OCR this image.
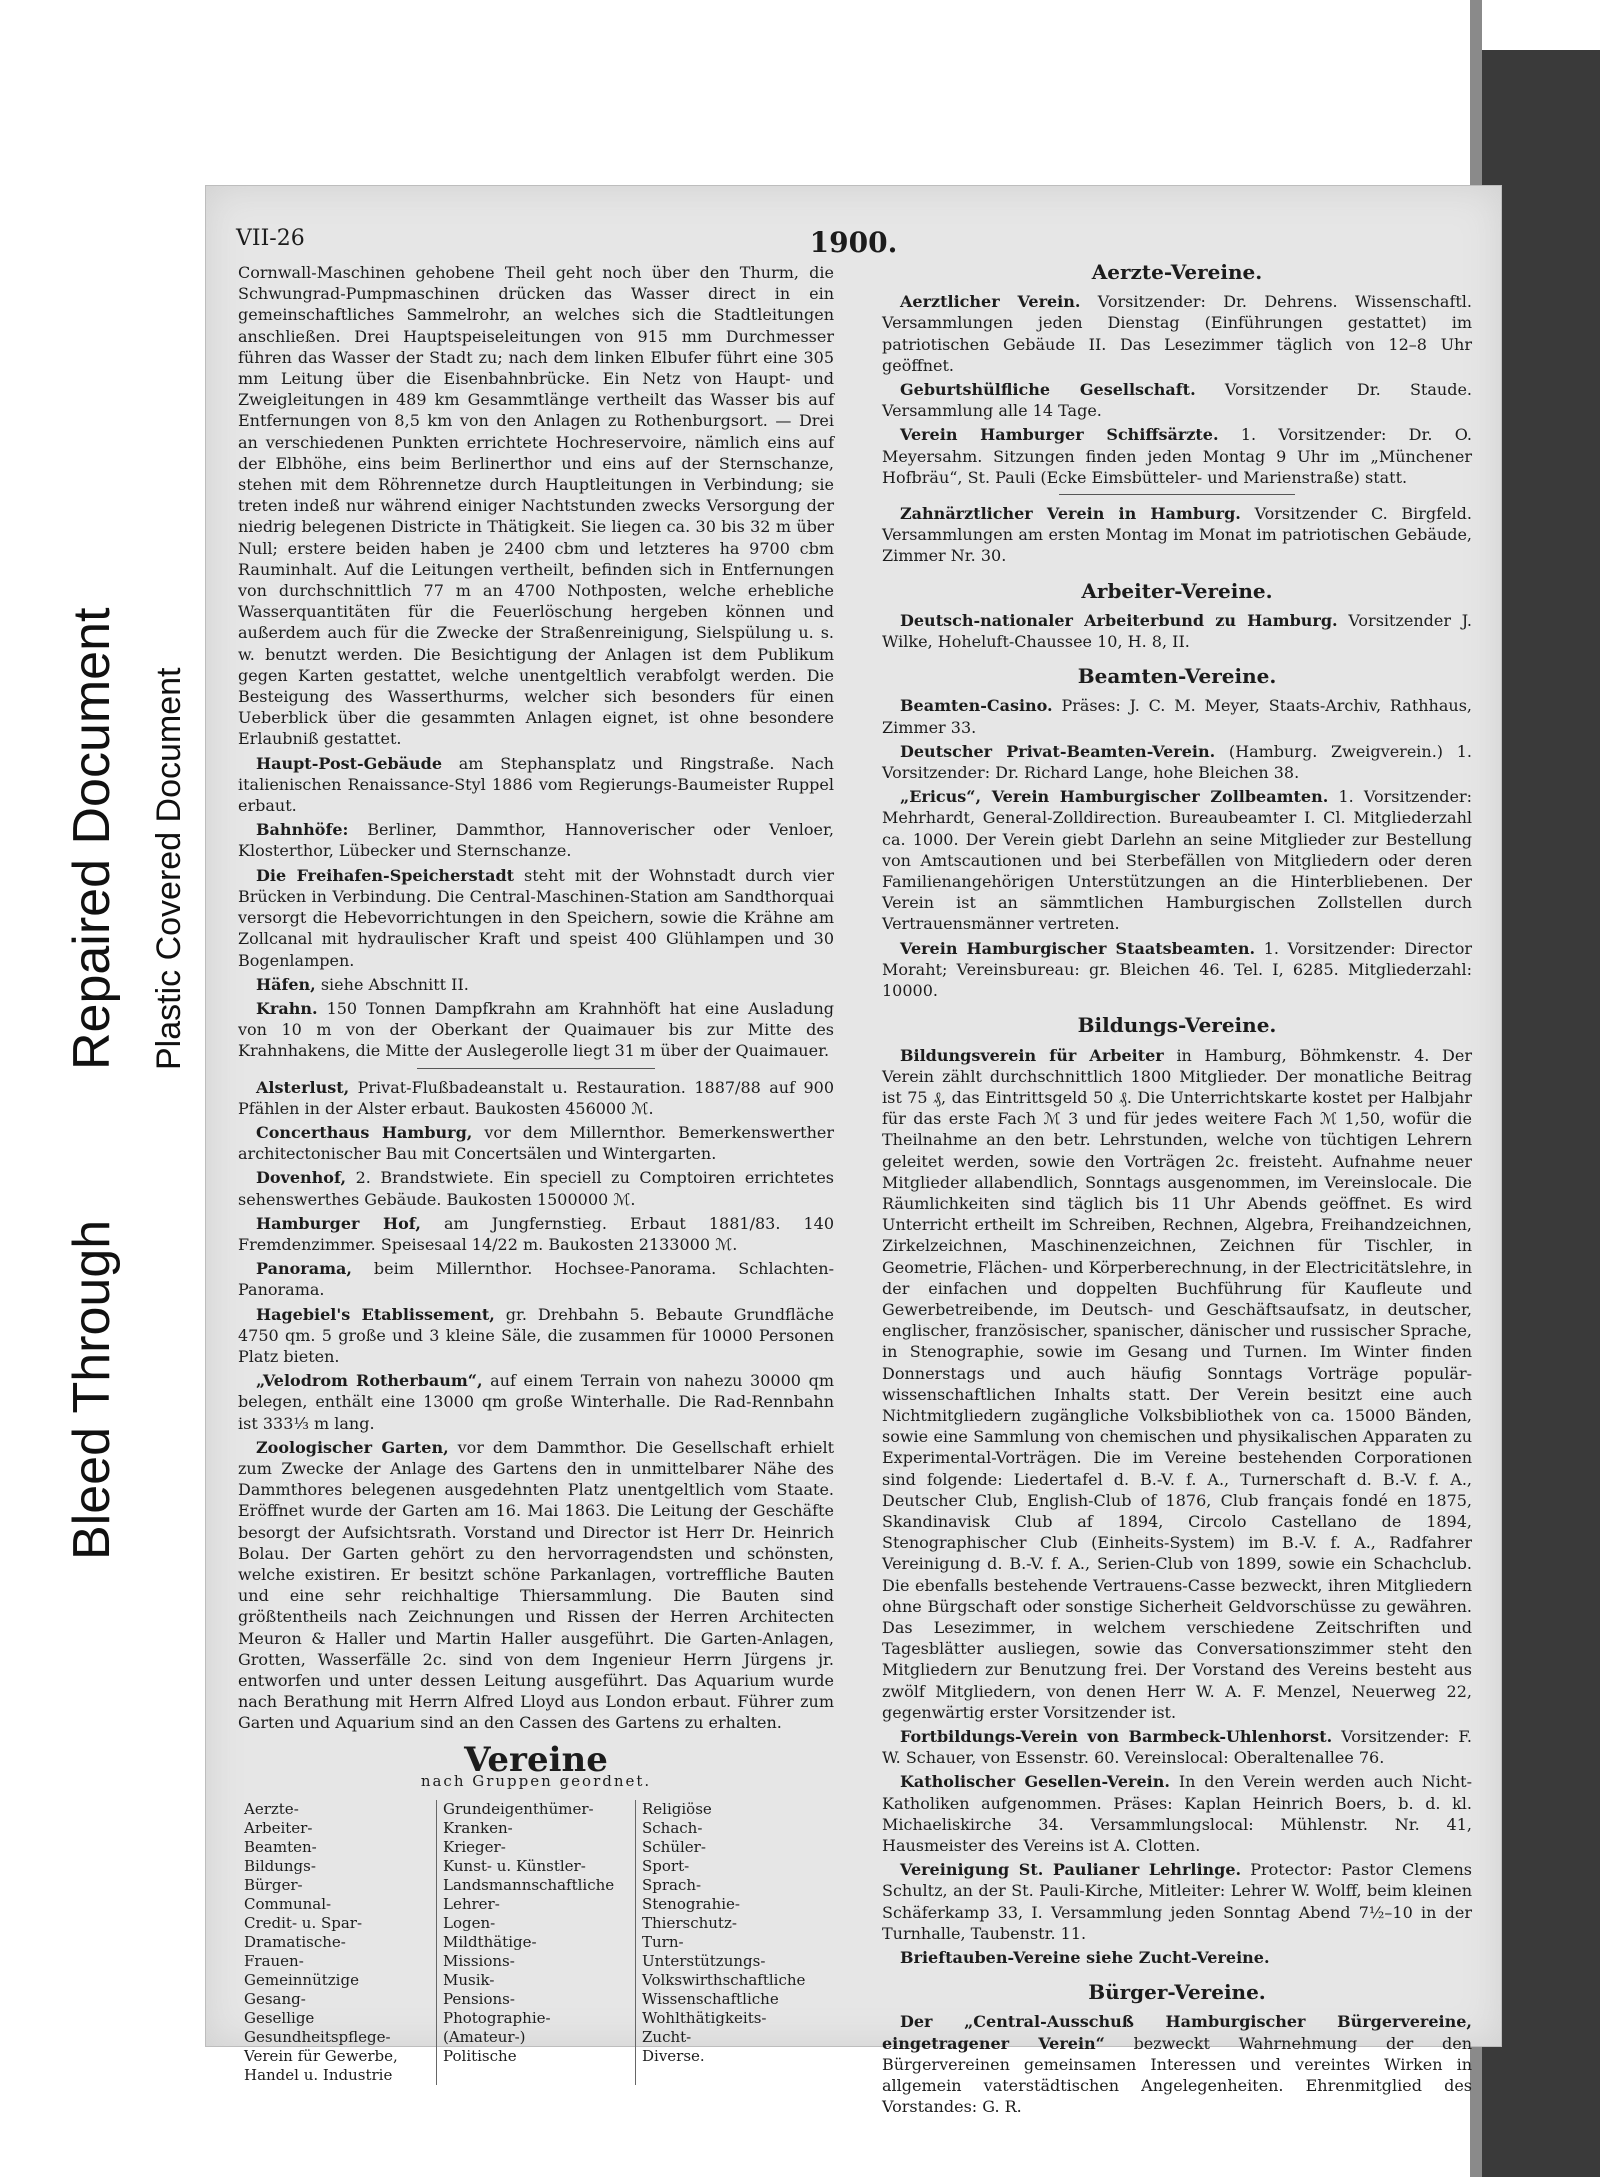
Bleed Through
Repaired Document Plastic Covered Document
VII-26	1900.

Cornwall-Maschinen gehobene Theil geht noch über den Thurm, die Schwungrad-Pumpmaschinen drücken das Wasser direct in ein gemeinschaftliches Sammelrohr, an welches sich die Stadtleitungen anschließen. Drei Hauptspeiseleitungen von 915 mm Durchmesser führen das Wasser der Stadt zu; nach dem linken Elbufer führt eine 305 mm Leitung über die Eisenbahnbrücke. Ein Netz von Haupt- und Zweigleitungen in 489 km Gesammtlänge vertheilt das Wasser bis auf Entfernungen von 8,5 km von den Anlagen zu Rothenburgsort. — Drei an verschiedenen Punkten errichtete Hochreservoire, nämlich eins auf der Elbhöhe, eins beim Berlinerthor und eins auf der Sternschanze, stehen mit dem Röhrennetze durch Hauptleitungen in Verbindung; sie treten indeß nur während einiger Nachtstunden zwecks Versorgung der niedrig belegenen Districte in Thätigkeit. Sie liegen ca. 30 bis 32 m über Null; erstere beiden haben je 2400 cbm und letzteres ha 9700 cbm Rauminhalt. Auf die Leitungen vertheilt, befinden sich in Entfernungen von durchschnittlich 77 m an 4700 Nothposten, welche erhebliche Wasserquantitäten für die Feuerlöschung hergeben können und außerdem auch für die Zwecke der Straßenreinigung, Sielspülung u. s. w. benutzt werden. Die Besichtigung der Anlagen ist dem Publikum gegen Karten gestattet, welche unentgeltlich verabfolgt werden. Die Besteigung des Wasserthurms, welcher sich besonders für einen Ueberblick über die gesammten Anlagen eignet, ist ohne besondere Erlaubniß gestattet.

Haupt-Post-Gebäude am Stephansplatz und Ringstraße. Nach italienischen Renaissance-Styl 1886 vom Regierungs-Baumeister Ruppel erbaut.

Bahnhöfe: Berliner, Dammthor, Hannoverischer oder Venloer, Klosterthor, Lübecker und Sternschanze.

Die Freihafen-Speicherstadt steht mit der Wohnstadt durch vier Brücken in Verbindung. Die Central-Maschinen-Station am Sandthorquai versorgt die Hebevorrichtungen in den Speichern, sowie die Krähne am Zollcanal mit hydraulischer Kraft und speist 400 Glühlampen und 30 Bogenlampen.

Häfen, siehe Abschnitt II.

Krahn. 150 Tonnen Dampfkrahn am Krahnhöft hat eine Ausladung von 10 m von der Oberkant der Quaimauer bis zur Mitte des Krahnhakens, die Mitte der Auslegerolle liegt 31 m über der Quaimauer.

Alsterlust, Privat-Flußbadeanstalt u. Restauration. 1887/88 auf 900 Pfählen in der Alster erbaut. Baukosten 456000 ℳ.

Concerthaus Hamburg, vor dem Millernthor. Bemerkenswerther architectonischer Bau mit Concertsälen und Wintergarten.

Dovenhof, 2. Brandstwiete. Ein speciell zu Comptoiren errichtetes sehenswerthes Gebäude. Baukosten 1500000 ℳ.

Hamburger Hof, am Jungfernstieg. Erbaut 1881/83. 140 Fremdenzimmer. Speisesaal 14/22 m. Baukosten 2133000 ℳ.

Panorama, beim Millernthor. Hochsee-Panorama. Schlachten-Panorama.

Hagebiel's Etablissement, gr. Drehbahn 5. Bebaute Grundfläche 4750 qm. 5 große und 3 kleine Säle, die zusammen für 10000 Personen Platz bieten.

„Velodrom Rotherbaum“, auf einem Terrain von nahezu 30000 qm belegen, enthält eine 13000 qm große Winterhalle. Die Rad-Rennbahn ist 333⅓ m lang.

Zoologischer Garten, vor dem Dammthor. Die Gesellschaft erhielt zum Zwecke der Anlage des Gartens den in unmittelbarer Nähe des Dammthores belegenen ausgedehnten Platz unentgeltlich vom Staate. Eröffnet wurde der Garten am 16. Mai 1863. Die Leitung der Geschäfte besorgt der Aufsichtsrath. Vorstand und Director ist Herr Dr. Heinrich Bolau. Der Garten gehört zu den hervorragendsten und schönsten, welche existiren. Er besitzt schöne Parkanlagen, vortreffliche Bauten und eine sehr reichhaltige Thiersammlung. Die Bauten sind größtentheils nach Zeichnungen und Rissen der Herren Architecten Meuron & Haller und Martin Haller ausgeführt. Die Garten-Anlagen, Grotten, Wasserfälle 2c. sind von dem Ingenieur Herrn Jürgens jr. entworfen und unter dessen Leitung ausgeführt. Das Aquarium wurde nach Berathung mit Herrn Alfred Lloyd aus London erbaut. Führer zum Garten und Aquarium sind an den Cassen des Gartens zu erhalten.

Vereine
nach Gruppen geordnet.
Aerzte-
Arbeiter-
Beamten-
Bildungs-
Bürger-
Communal-
Credit- u. Spar-
Dramatische-
Frauen-
Gemeinnützige
Gesang-
Gesellige
Gesundheitspflege-
Verein für Gewerbe,
Handel u. Industrie
Grundeigenthümer-
Kranken-
Krieger-
Kunst- u. Künstler-
Landsmannschaftliche
Lehrer-
Logen-
Mildthätige-
Missions-
Musik-
Pensions-
Photographie-
(Amateur-)
Politische
Religiöse
Schach-
Schüler-
Sport-
Sprach-
Stenograhie-
Thierschutz-
Turn-
Unterstützungs-
Volkswirthschaftliche
Wissenschaftliche
Wohlthätigkeits-
Zucht-
Diverse.
Aerzte-Vereine.

Aerztlicher Verein. Vorsitzender: Dr. Dehrens. Wissenschaftl. Versammlungen jeden Dienstag (Einführungen gestattet) im patriotischen Gebäude II. Das Lesezimmer täglich von 12–8 Uhr geöffnet.

Geburtshülfliche Gesellschaft. Vorsitzender Dr. Staude. Versammlung alle 14 Tage.

Verein Hamburger Schiffsärzte. 1. Vorsitzender: Dr. O. Meyersahm. Sitzungen finden jeden Montag 9 Uhr im „Münchener Hofbräu“, St. Pauli (Ecke Eimsbütteler- und Marienstraße) statt.

Zahnärztlicher Verein in Hamburg. Vorsitzender C. Birgfeld. Versammlungen am ersten Montag im Monat im patriotischen Gebäude, Zimmer Nr. 30.

Arbeiter-Vereine.

Deutsch-nationaler Arbeiterbund zu Hamburg. Vorsitzender J. Wilke, Hoheluft-Chaussee 10, H. 8, II.

Beamten-Vereine.

Beamten-Casino. Präses: J. C. M. Meyer, Staats-Archiv, Rathhaus, Zimmer 33.

Deutscher Privat-Beamten-Verein. (Hamburg. Zweigverein.) 1. Vorsitzender: Dr. Richard Lange, hohe Bleichen 38.

„Ericus“, Verein Hamburgischer Zollbeamten. 1. Vorsitzender: Mehrhardt, General-Zolldirection. Bureaubeamter I. Cl. Mitgliederzahl ca. 1000. Der Verein giebt Darlehn an seine Mitglieder zur Bestellung von Amtscautionen und bei Sterbefällen von Mitgliedern oder deren Familienangehörigen Unterstützungen an die Hinterbliebenen. Der Verein ist an sämmtlichen Hamburgischen Zollstellen durch Vertrauensmänner vertreten.

Verein Hamburgischer Staatsbeamten. 1. Vorsitzender: Director Moraht; Vereinsbureau: gr. Bleichen 46. Tel. I, 6285. Mitgliederzahl: 10000.

Bildungs-Vereine.

Bildungsverein für Arbeiter in Hamburg, Böhmkenstr. 4. Der Verein zählt durchschnittlich 1800 Mitglieder. Der monatliche Beitrag ist 75 ₰, das Eintrittsgeld 50 ₰. Die Unterrichtskarte kostet per Halbjahr für das erste Fach ℳ 3 und für jedes weitere Fach ℳ 1,50, wofür die Theilnahme an den betr. Lehrstunden, welche von tüchtigen Lehrern geleitet werden, sowie den Vorträgen 2c. freisteht. Aufnahme neuer Mitglieder allabendlich, Sonntags ausgenommen, im Vereinslocale. Die Räumlichkeiten sind täglich bis 11 Uhr Abends geöffnet. Es wird Unterricht ertheilt im Schreiben, Rechnen, Algebra, Freihandzeichnen, Zirkelzeichnen, Maschinenzeichnen, Zeichnen für Tischler, in Geometrie, Flächen- und Körperberechnung, in der Electricitätslehre, in der einfachen und doppelten Buchführung für Kaufleute und Gewerbetreibende, im Deutsch- und Geschäftsaufsatz, in deutscher, englischer, französischer, spanischer, dänischer und russischer Sprache, in Stenographie, sowie im Gesang und Turnen. Im Winter finden Donnerstags und auch häufig Sonntags Vorträge populär-wissenschaftlichen Inhalts statt. Der Verein besitzt eine auch Nichtmitgliedern zugängliche Volksbibliothek von ca. 15000 Bänden, sowie eine Sammlung von chemischen und physikalischen Apparaten zu Experimental-Vorträgen. Die im Vereine bestehenden Corporationen sind folgende: Liedertafel d. B.-V. f. A., Turnerschaft d. B.-V. f. A., Deutscher Club, English-Club of 1876, Club français fondé en 1875, Skandinavisk Club af 1894, Circolo Castellano de 1894, Stenographischer Club (Einheits-System) im B.-V. f. A., Radfahrer Vereinigung d. B.-V. f. A., Serien-Club von 1899, sowie ein Schachclub. Die ebenfalls bestehende Vertrauens-Casse bezweckt, ihren Mitgliedern ohne Bürgschaft oder sonstige Sicherheit Geldvorschüsse zu gewähren. Das Lesezimmer, in welchem verschiedene Zeitschriften und Tagesblätter ausliegen, sowie das Conversationszimmer steht den Mitgliedern zur Benutzung frei. Der Vorstand des Vereins besteht aus zwölf Mitgliedern, von denen Herr W. A. F. Menzel, Neuerweg 22, gegenwärtig erster Vorsitzender ist.

Fortbildungs-Verein von Barmbeck-Uhlenhorst. Vorsitzender: F. W. Schauer, von Essenstr. 60. Vereinslocal: Oberaltenallee 76.

Katholischer Gesellen-Verein. In den Verein werden auch Nicht-Katholiken aufgenommen. Präses: Kaplan Heinrich Boers, b. d. kl. Michaeliskirche 34. Versammlungslocal: Mühlenstr. Nr. 41, Hausmeister des Vereins ist A. Clotten.

Vereinigung St. Paulianer Lehrlinge. Protector: Pastor Clemens Schultz, an der St. Pauli-Kirche, Mitleiter: Lehrer W. Wolff, beim kleinen Schäferkamp 33, I. Versammlung jeden Sonntag Abend 7½–10 in der Turnhalle, Taubenstr. 11.

Brieftauben-Vereine siehe Zucht-Vereine.

Bürger-Vereine.

Der „Central-Ausschuß Hamburgischer Bürgervereine, eingetragener Verein“ bezweckt Wahrnehmung der den Bürgervereinen gemeinsamen Interessen und vereintes Wirken in allgemein vaterstädtischen Angelegenheiten. Ehrenmitglied des Vorstandes: G. R.
